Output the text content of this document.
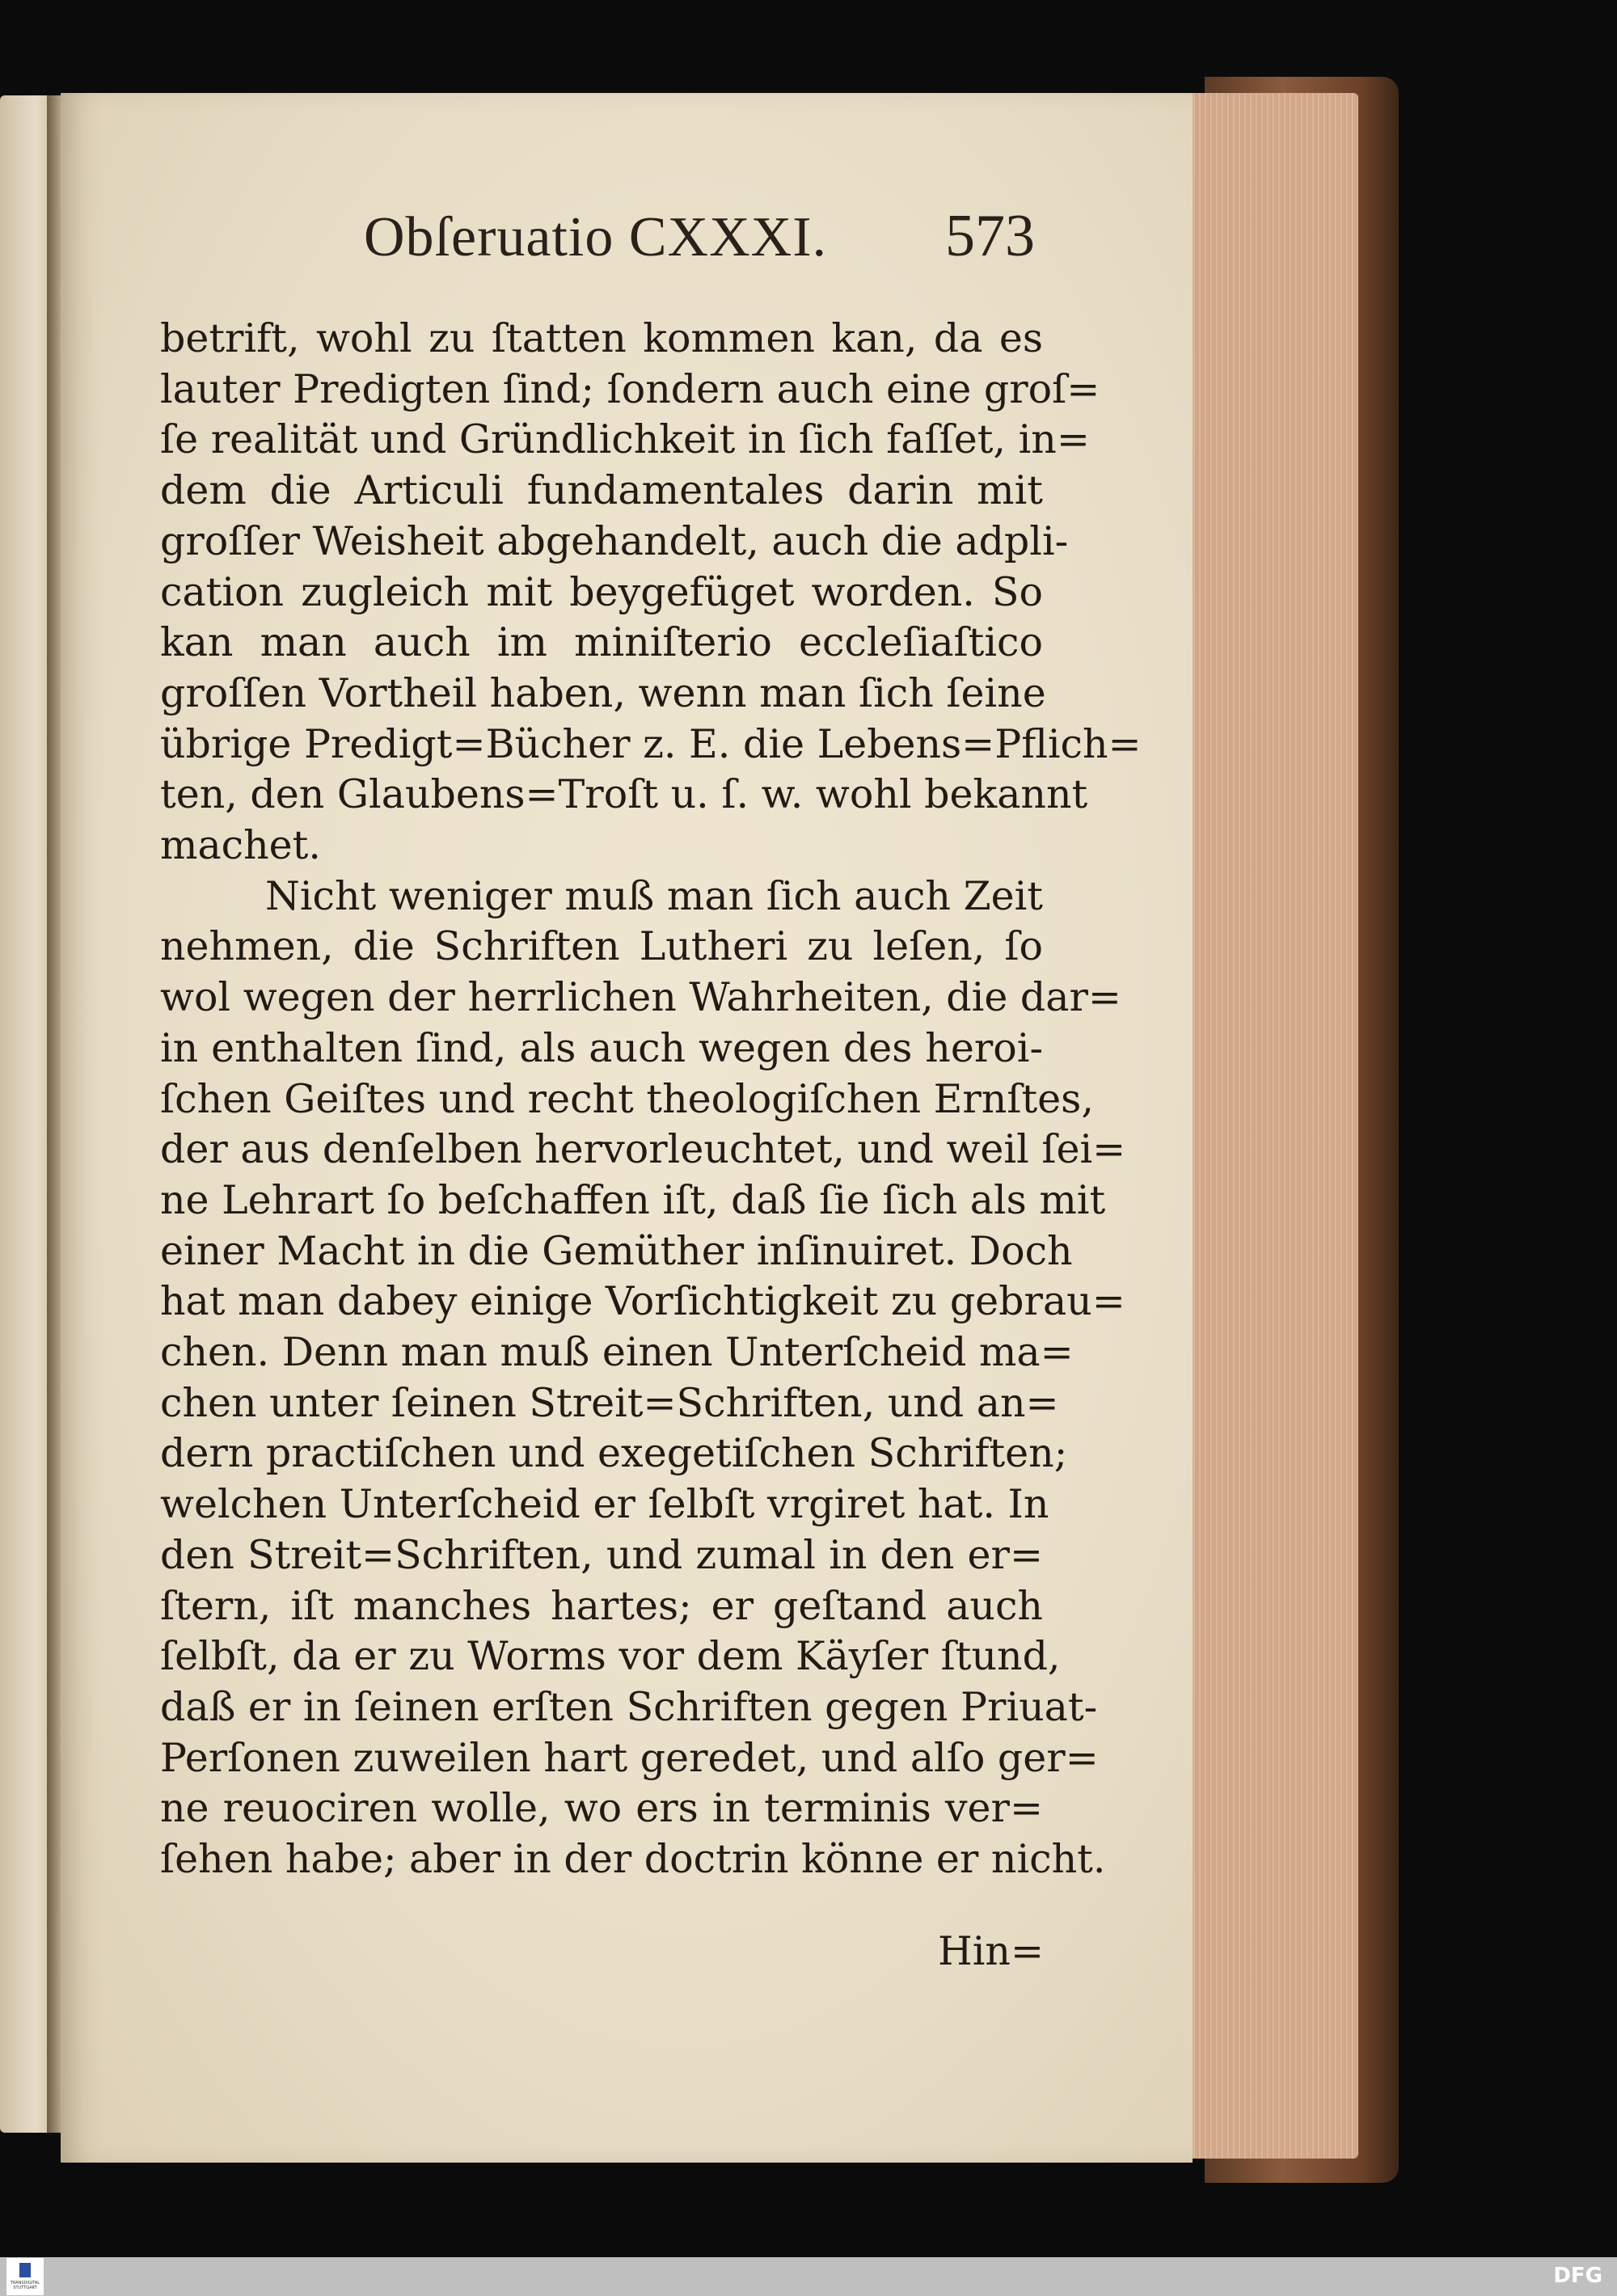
Obſeruatio CXXXI. 573
betrift, wohl zu ſtatten kommen kan, da es
lauter Predigten ſind; ſondern auch eine groſ=
ſe realität und Gründlichkeit in ſich faſſet, in=
dem die Articuli fundamentales darin mit
groſſer Weisheit abgehandelt, auch die adpli-
cation zugleich mit beygefüget worden. So
kan man auch im miniſterio eccleſiaſtico
groſſen Vortheil haben, wenn man ſich ſeine
übrige Predigt=Bücher z. E. die Lebens=Pflich=
ten, den Glaubens=Troſt u. ſ. w. wohl bekannt
machet.
Nicht weniger muß man ſich auch Zeit
nehmen, die Schriften Lutheri zu leſen, ſo
wol wegen der herrlichen Wahrheiten, die dar=
in enthalten ſind, als auch wegen des heroi-
ſchen Geiſtes und recht theologiſchen Ernſtes,
der aus denſelben hervorleuchtet, und weil ſei=
ne Lehrart ſo beſchaffen iſt, daß ſie ſich als mit
einer Macht in die Gemüther inſinuiret. Doch
hat man dabey einige Vorſichtigkeit zu gebrau=
chen. Denn man muß einen Unterſcheid ma=
chen unter ſeinen Streit=Schriften, und an=
dern practiſchen und exegetiſchen Schriften;
welchen Unterſcheid er ſelbſt vrgiret hat. In
den Streit=Schriften, und zumal in den er=
ſtern, iſt manches hartes; er geſtand auch
ſelbſt, da er zu Worms vor dem Käyſer ſtund,
daß er in ſeinen erſten Schriften gegen Priuat-
Perſonen zuweilen hart geredet, und alſo ger=
ne reuociren wolle, wo ers in terminis ver=
ſehen habe; aber in der doctrin könne er nicht.
Hin=
TRANSDIGITAL STUTTGART	DFG
